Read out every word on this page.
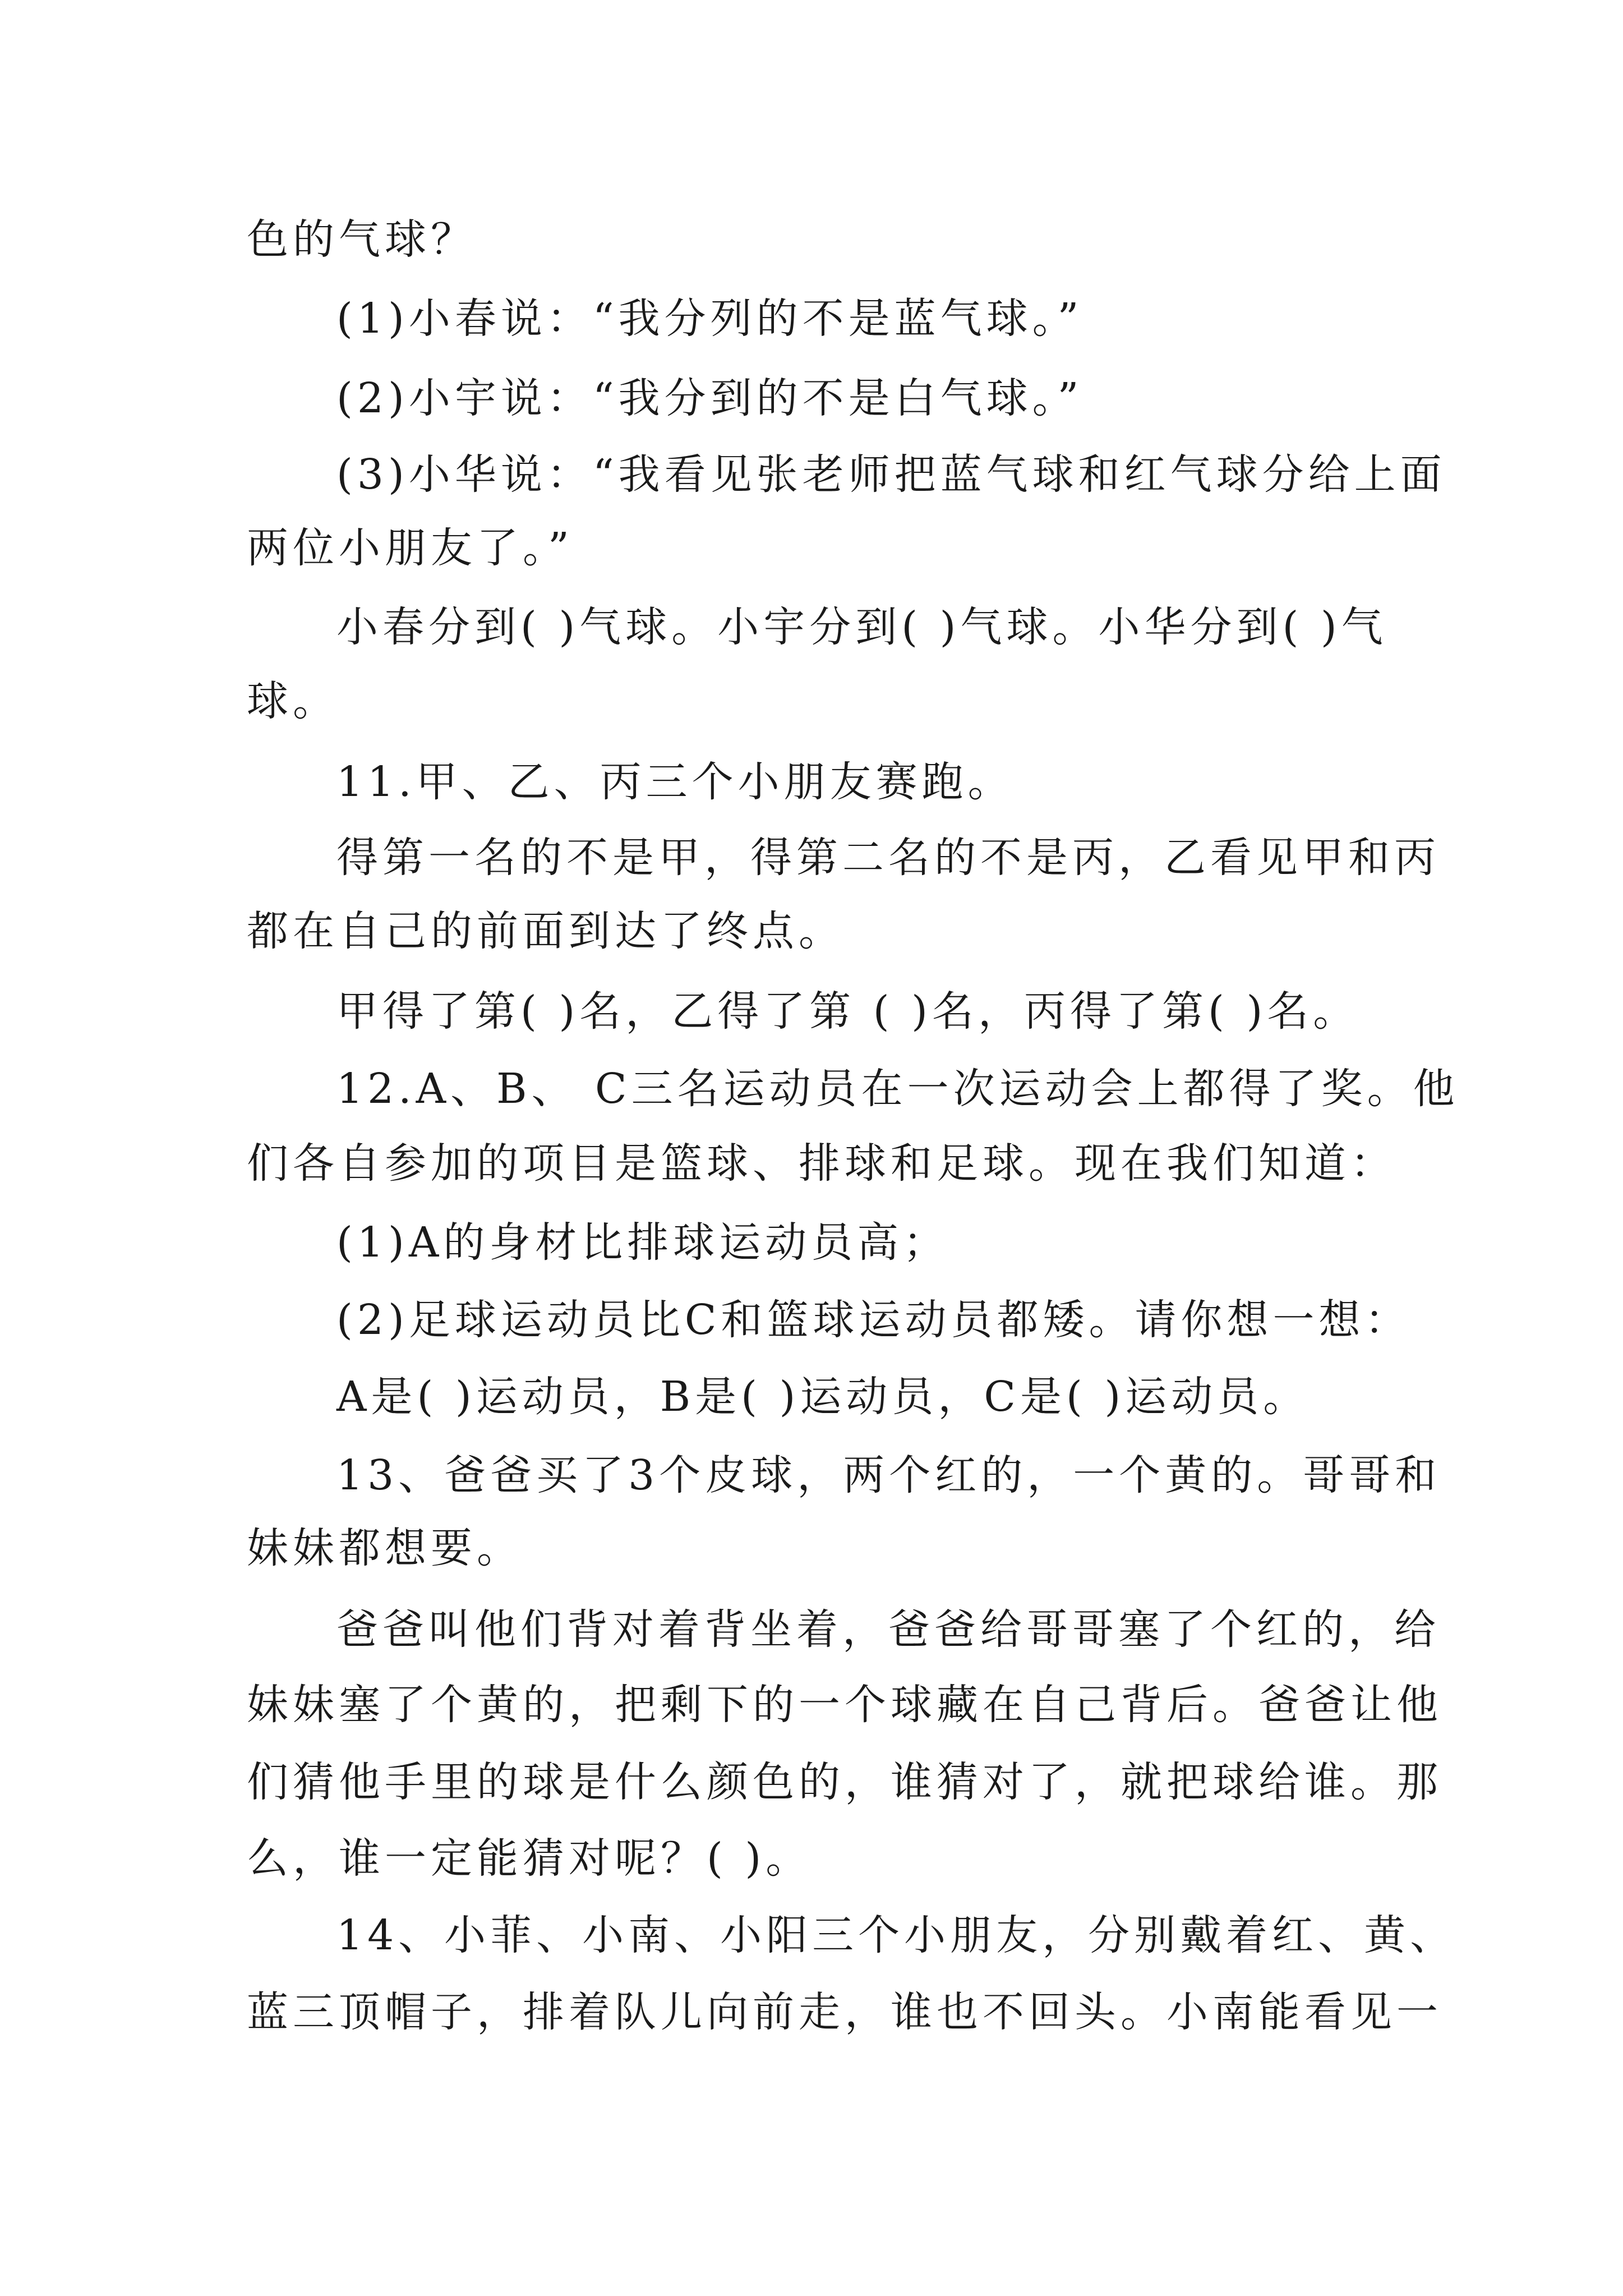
色的气球？
(1)小春说：“我分列的不是蓝气球。”
(2)小宇说：“我分到的不是白气球。”
(3)小华说：“我看见张老师把蓝气球和红气球分给上面
两位小朋友了。”
小春分到( )气球。小宇分到( )气球。小华分到( )气
球。
11.甲、乙、丙三个小朋友赛跑。
得第一名的不是甲，得第二名的不是丙，乙看见甲和丙
都在自己的前面到达了终点。
甲得了第( )名，乙得了第 ( )名，丙得了第( )名。
12.A、B、 C三名运动员在一次运动会上都得了奖。他
们各自参加的项目是篮球、排球和足球。现在我们知道：
(1)A的身材比排球运动员高；
(2)足球运动员比C和篮球运动员都矮。请你想一想：
A是( )运动员，B是( )运动员，C是( )运动员。
13、爸爸买了3个皮球，两个红的，一个黄的。哥哥和
妹妹都想要。
爸爸叫他们背对着背坐着，爸爸给哥哥塞了个红的，给
妹妹塞了个黄的，把剩下的一个球藏在自己背后。爸爸让他
们猜他手里的球是什么颜色的，谁猜对了，就把球给谁。那
么，谁一定能猜对呢？( )。
14、小菲、小南、小阳三个小朋友，分别戴着红、黄、
蓝三顶帽子，排着队儿向前走，谁也不回头。小南能看见一
